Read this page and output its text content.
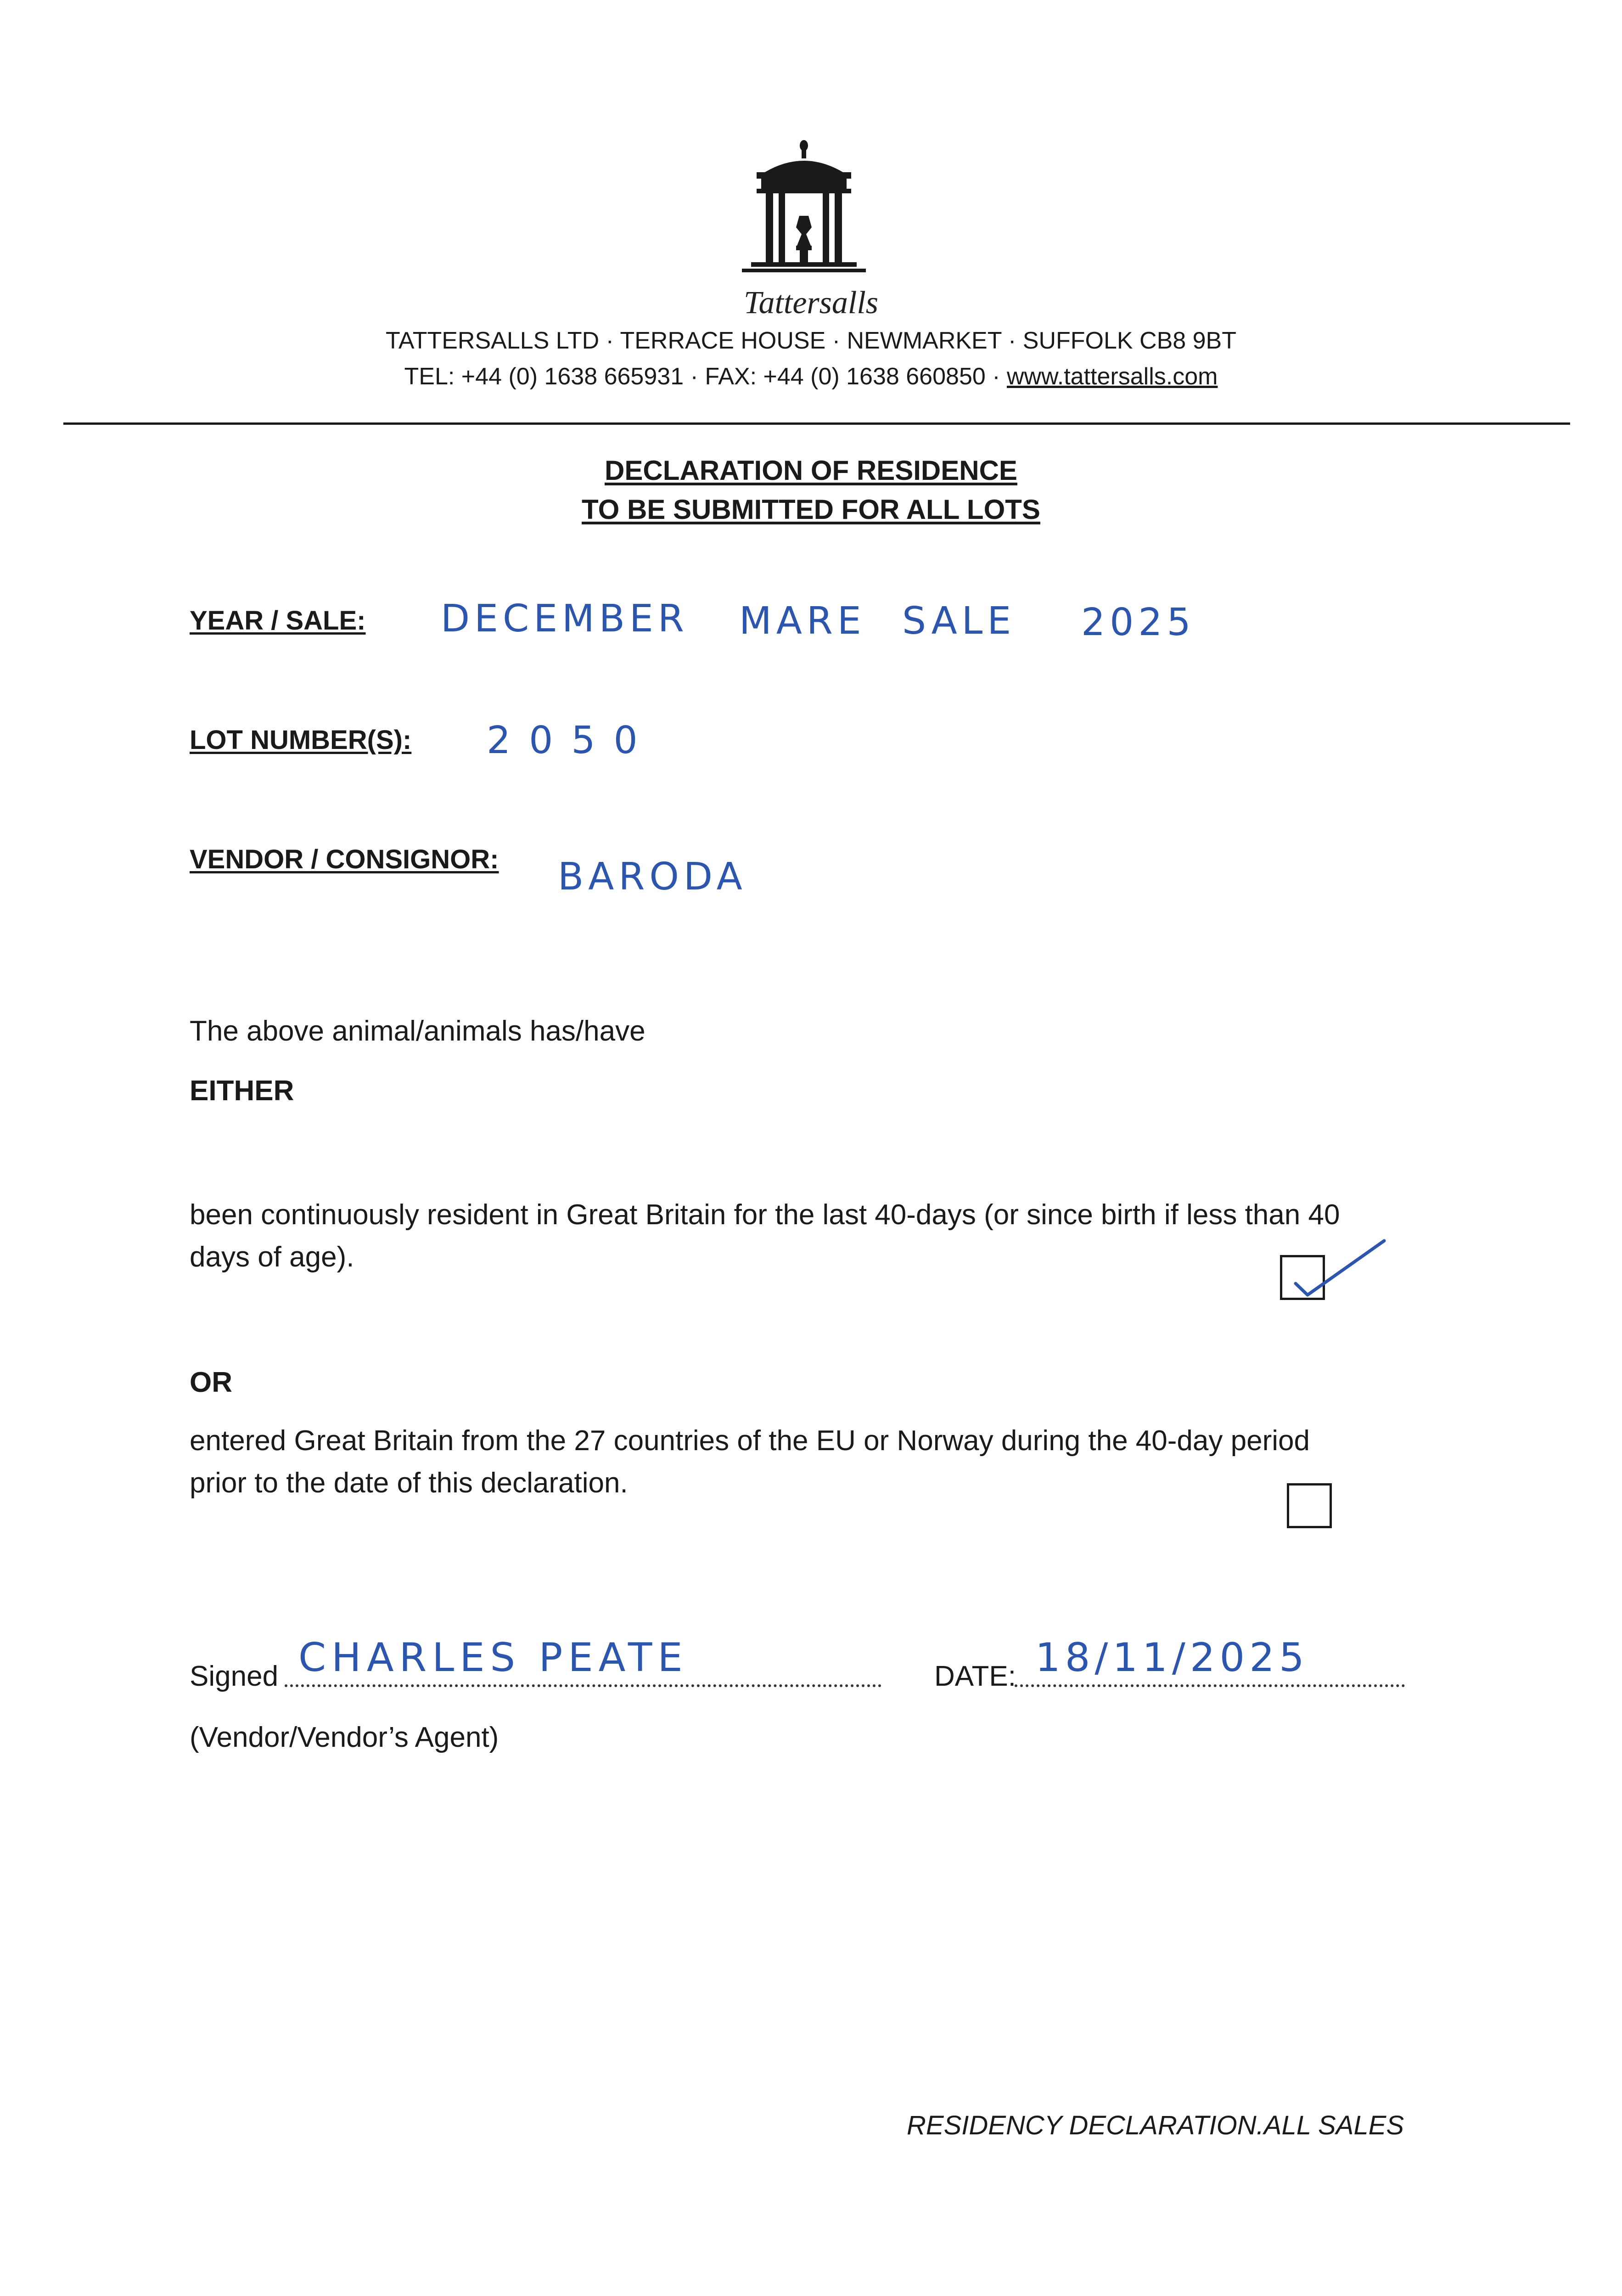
Tattersalls
TATTERSALLS LTD · TERRACE HOUSE · NEWMARKET · SUFFOLK CB8 9BT
TEL: +44 (0) 1638 665931 · FAX: +44 (0) 1638 660850 · www.tattersalls.com
DECLARATION OF RESIDENCE
TO BE SUBMITTED FOR ALL LOTS
YEAR / SALE: DECEMBER MARE SALE 2025
LOT NUMBER(S): 2050
VENDOR / CONSIGNOR: BARODA
The above animal/animals has/have
EITHER
been continuously resident in Great Britain for the last 40-days (or since birth if less than 40
days of age).
OR
entered Great Britain from the 27 countries of the EU or Norway during the 40-day period
prior to the date of this declaration.
Signed CHARLES PEATE	DATE: 18/11/2025
(Vendor/Vendor’s Agent)
RESIDENCY DECLARATION.ALL SALES
